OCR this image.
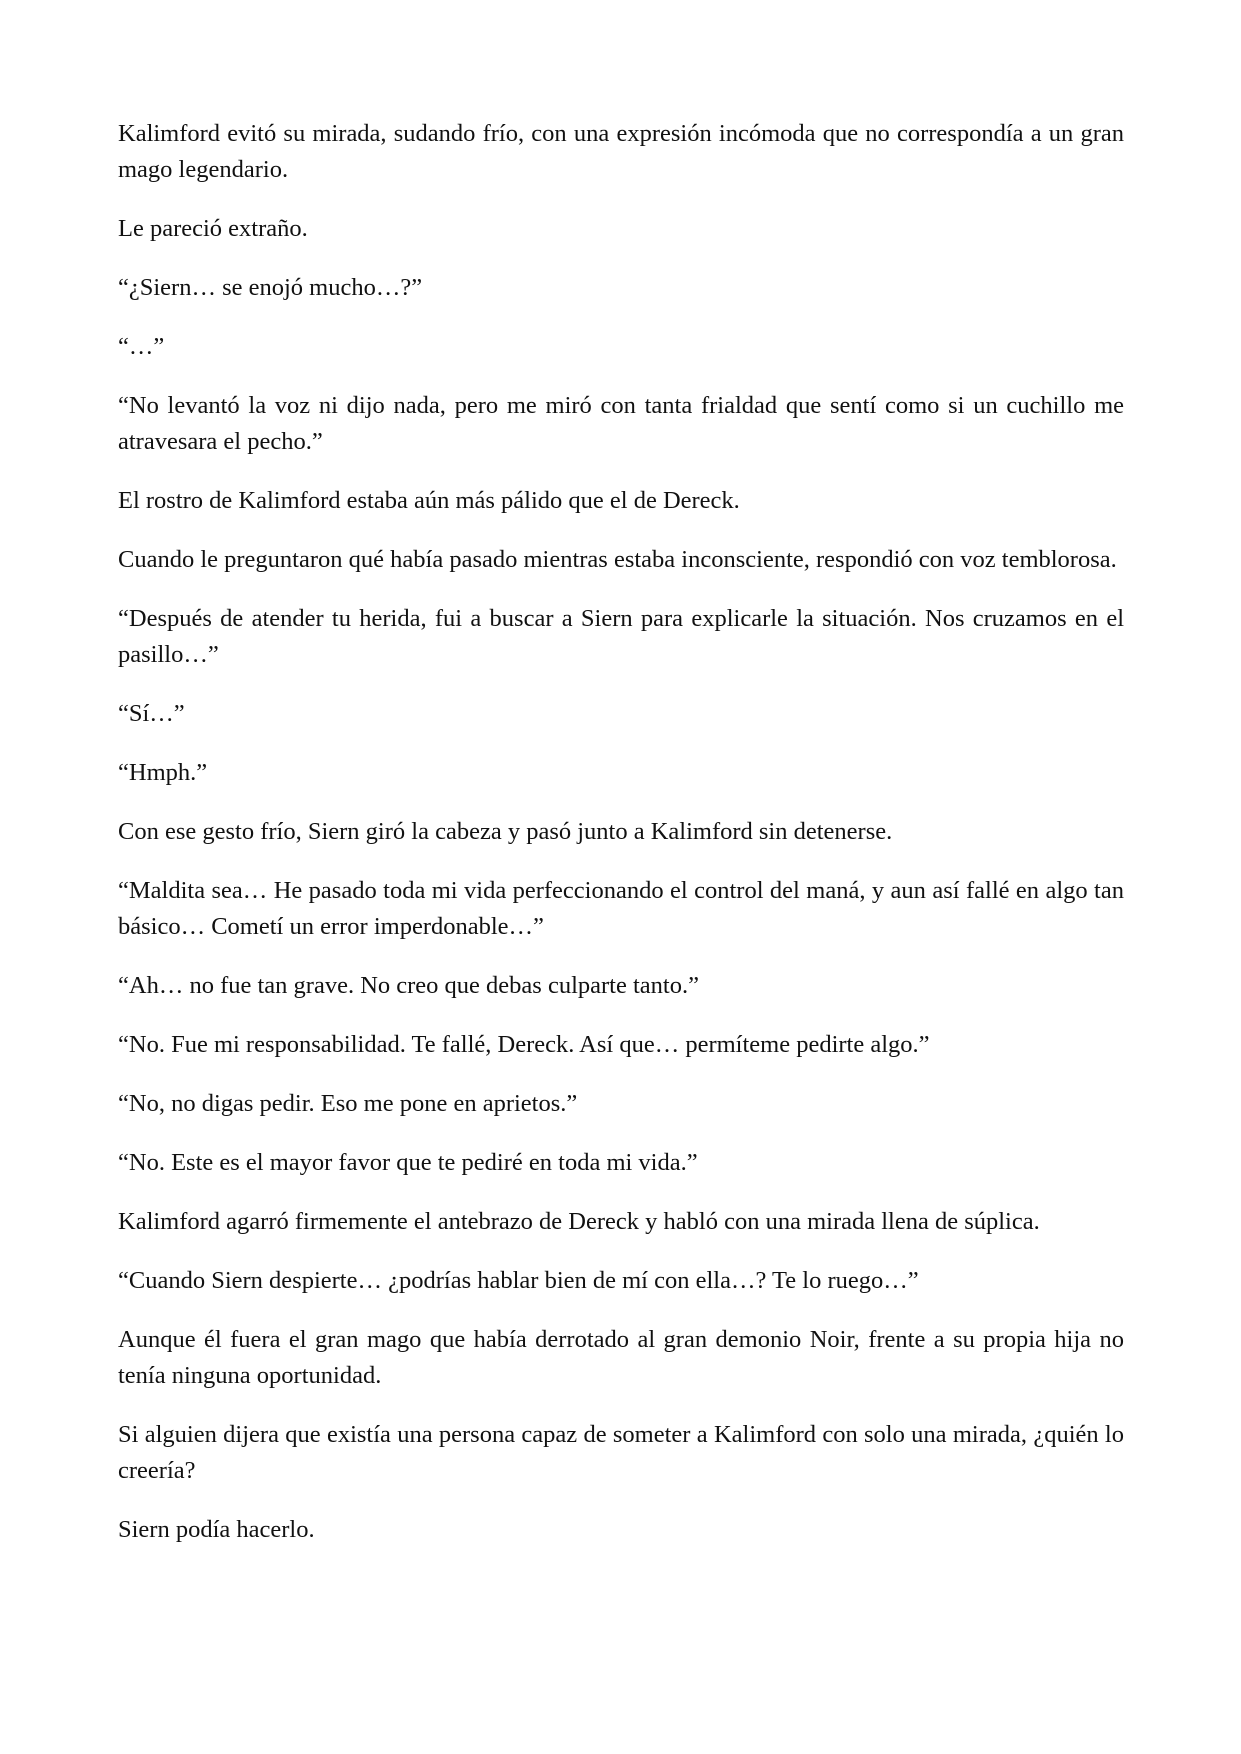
Kalimford evitó su mirada, sudando frío, con una expresión incómoda que no correspondía a un gran mago legendario.

Le pareció extraño.

“¿Siern… se enojó mucho…?”

“…”

“No levantó la voz ni dijo nada, pero me miró con tanta frialdad que sentí como si un cuchillo me atravesara el pecho.”

El rostro de Kalimford estaba aún más pálido que el de Dereck.

Cuando le preguntaron qué había pasado mientras estaba inconsciente, respondió con voz temblorosa.

“Después de atender tu herida, fui a buscar a Siern para explicarle la situación. Nos cruzamos en el pasillo…”

“Sí…”

“Hmph.”

Con ese gesto frío, Siern giró la cabeza y pasó junto a Kalimford sin detenerse.

“Maldita sea… He pasado toda mi vida perfeccionando el control del maná, y aun así fallé en algo tan básico… Cometí un error imperdonable…”

“Ah… no fue tan grave. No creo que debas culparte tanto.”

“No. Fue mi responsabilidad. Te fallé, Dereck. Así que… permíteme pedirte algo.”

“No, no digas pedir. Eso me pone en aprietos.”

“No. Este es el mayor favor que te pediré en toda mi vida.”

Kalimford agarró firmemente el antebrazo de Dereck y habló con una mirada llena de súplica.

“Cuando Siern despierte… ¿podrías hablar bien de mí con ella…? Te lo ruego…”

Aunque él fuera el gran mago que había derrotado al gran demonio Noir, frente a su propia hija no tenía ninguna oportunidad.

Si alguien dijera que existía una persona capaz de someter a Kalimford con solo una mirada, ¿quién lo creería?

Siern podía hacerlo.
